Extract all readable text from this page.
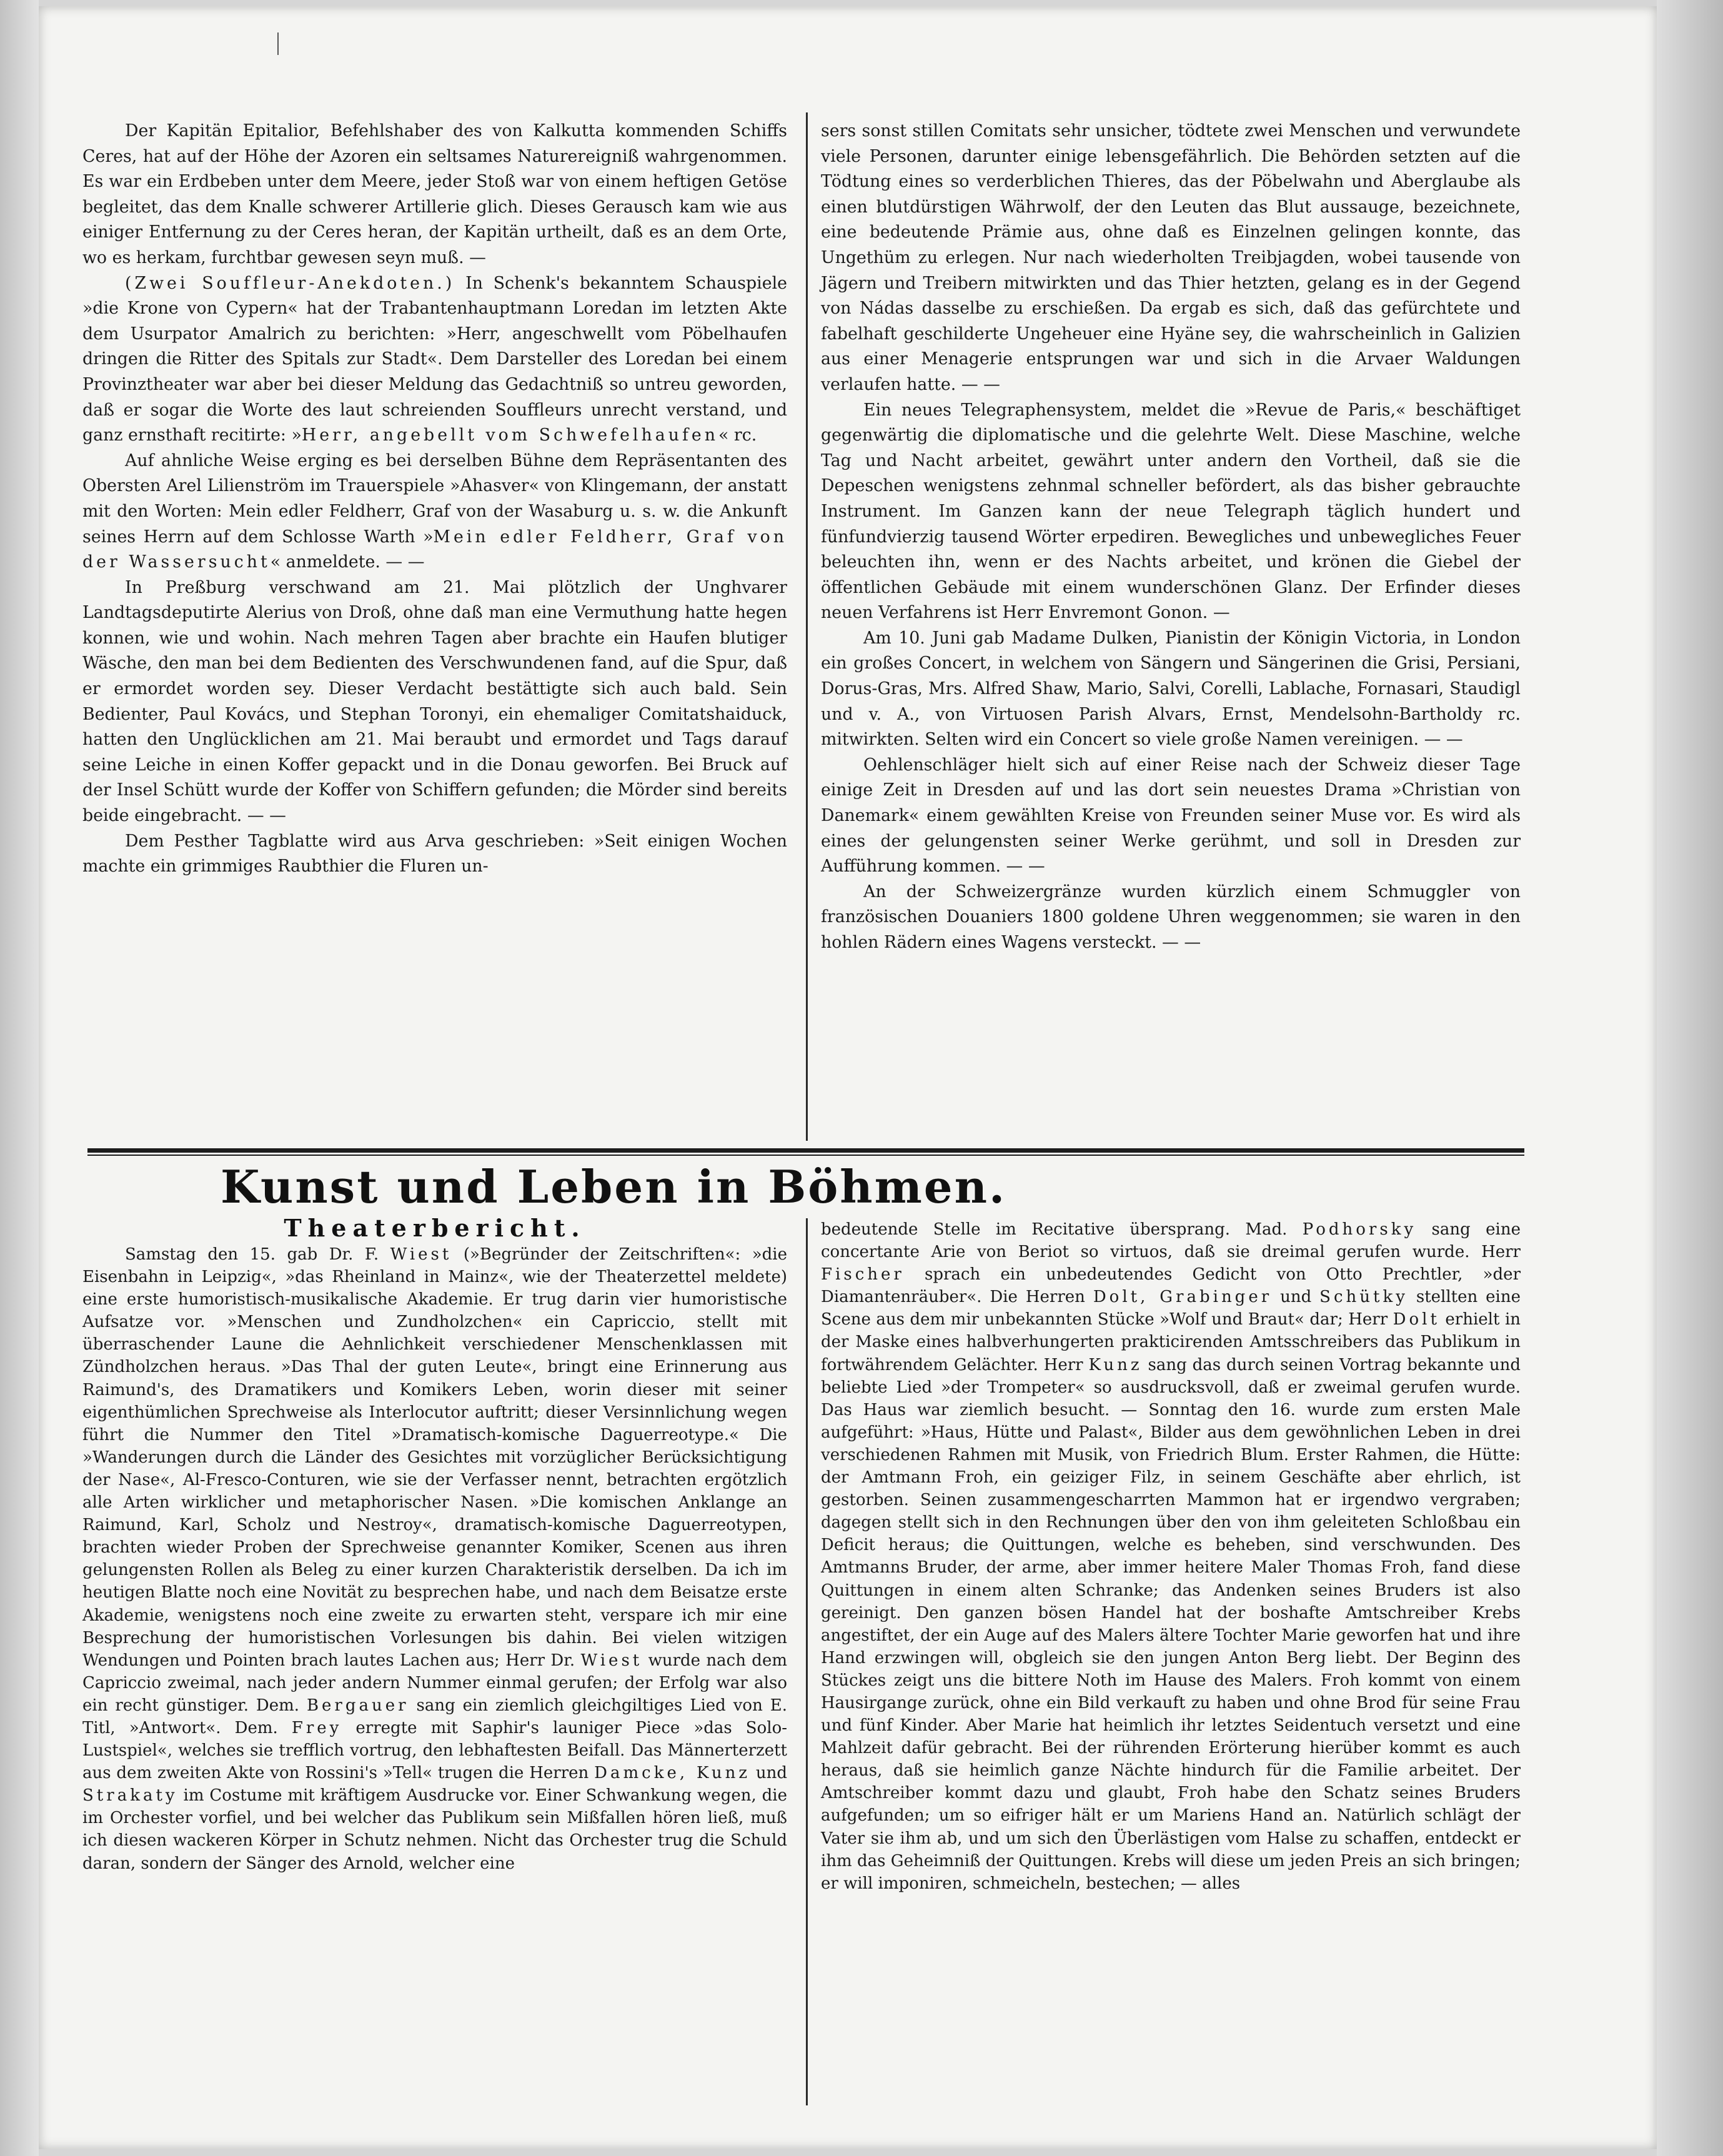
Der Kapitän Epitalior, Befehlshaber des von Kalkutta kommenden Schiffs Ceres, hat auf der Höhe der Azoren ein seltsames Naturereigniß wahrgenommen. Es war ein Erdbeben unter dem Meere, jeder Stoß war von einem heftigen Getöse begleitet, das dem Knalle schwerer Artillerie glich. Dieses Gerausch kam wie aus einiger Entfernung zu der Ceres heran, der Kapitän urtheilt, daß es an dem Orte, wo es herkam, furchtbar gewesen seyn muß. —

(Zwei Souffleur-Anekdoten.) In Schenk's bekanntem Schauspiele »die Krone von Cypern« hat der Trabantenhauptmann Loredan im letzten Akte dem Usurpator Amalrich zu berichten: »Herr, angeschwellt vom Pöbelhaufen dringen die Ritter des Spitals zur Stadt«. Dem Darsteller des Loredan bei einem Provinztheater war aber bei dieser Meldung das Gedachtniß so untreu geworden, daß er sogar die Worte des laut schreienden Souffleurs unrecht verstand, und ganz ernsthaft recitirte: »Herr, angebellt vom Schwefelhaufen« rc.

Auf ahnliche Weise erging es bei derselben Bühne dem Repräsentanten des Obersten Arel Lilienström im Trauerspiele »Ahasver« von Klingemann, der anstatt mit den Worten: Mein edler Feldherr, Graf von der Wasaburg u. s. w. die Ankunft seines Herrn auf dem Schlosse Warth »Mein edler Feldherr, Graf von der Wassersucht« anmeldete. — —

In Preßburg verschwand am 21. Mai plötzlich der Unghvarer Landtagsdeputirte Alerius von Droß, ohne daß man eine Vermuthung hatte hegen konnen, wie und wohin. Nach mehren Tagen aber brachte ein Haufen blutiger Wäsche, den man bei dem Bedienten des Verschwundenen fand, auf die Spur, daß er ermordet worden sey. Dieser Verdacht bestättigte sich auch bald. Sein Bedienter, Paul Kovács, und Stephan Toronyi, ein ehemaliger Comitatshaiduck, hatten den Unglücklichen am 21. Mai beraubt und ermordet und Tags darauf seine Leiche in einen Koffer gepackt und in die Donau geworfen. Bei Bruck auf der Insel Schütt wurde der Koffer von Schiffern gefunden; die Mörder sind bereits beide eingebracht. — —

Dem Pesther Tagblatte wird aus Arva geschrieben: »Seit einigen Wochen machte ein grimmiges Raubthier die Fluren un-

sers sonst stillen Comitats sehr unsicher, tödtete zwei Menschen und verwundete viele Personen, darunter einige lebensgefährlich. Die Behörden setzten auf die Tödtung eines so verderblichen Thieres, das der Pöbelwahn und Aberglaube als einen blutdürstigen Währwolf, der den Leuten das Blut aussauge, bezeichnete, eine bedeutende Prämie aus, ohne daß es Einzelnen gelingen konnte, das Ungethüm zu erlegen. Nur nach wiederholten Treibjagden, wobei tausende von Jägern und Treibern mitwirkten und das Thier hetzten, gelang es in der Gegend von Nádas dasselbe zu erschießen. Da ergab es sich, daß das gefürchtete und fabelhaft geschilderte Ungeheuer eine Hyäne sey, die wahrscheinlich in Galizien aus einer Menagerie entsprungen war und sich in die Arvaer Waldungen verlaufen hatte. — —

Ein neues Telegraphensystem, meldet die »Revue de Paris,« beschäftiget gegenwärtig die diplomatische und die gelehrte Welt. Diese Maschine, welche Tag und Nacht arbeitet, gewährt unter andern den Vortheil, daß sie die Depeschen wenigstens zehnmal schneller befördert, als das bisher gebrauchte Instrument. Im Ganzen kann der neue Telegraph täglich hundert und fünfundvierzig tausend Wörter erpediren. Bewegliches und unbewegliches Feuer beleuchten ihn, wenn er des Nachts arbeitet, und krönen die Giebel der öffentlichen Gebäude mit einem wunderschönen Glanz. Der Erfinder dieses neuen Verfahrens ist Herr Envremont Gonon. —

Am 10. Juni gab Madame Dulken, Pianistin der Königin Victoria, in London ein großes Concert, in welchem von Sängern und Sängerinen die Grisi, Persiani, Dorus-Gras, Mrs. Alfred Shaw, Mario, Salvi, Corelli, Lablache, Fornasari, Staudigl und v. A., von Virtuosen Parish Alvars, Ernst, Mendelsohn-Bartholdy rc. mitwirkten. Selten wird ein Concert so viele große Namen vereinigen. — —

Oehlenschläger hielt sich auf einer Reise nach der Schweiz dieser Tage einige Zeit in Dresden auf und las dort sein neuestes Drama »Christian von Danemark« einem gewählten Kreise von Freunden seiner Muse vor. Es wird als eines der gelungensten seiner Werke gerühmt, und soll in Dresden zur Aufführung kommen. — —

An der Schweizergränze wurden kürzlich einem Schmuggler von französischen Douaniers 1800 goldene Uhren weggenommen; sie waren in den hohlen Rädern eines Wagens versteckt. — —

Kunst und Leben in Böhmen.
Theaterbericht.

Samstag den 15. gab Dr. F. Wiest (»Begründer der Zeitschriften«: »die Eisenbahn in Leipzig«, »das Rheinland in Mainz«, wie der Theaterzettel meldete) eine erste humoristisch-musikalische Akademie. Er trug darin vier humoristische Aufsatze vor. »Menschen und Zundholzchen« ein Capriccio, stellt mit überraschender Laune die Aehnlichkeit verschiedener Menschenklassen mit Zündholzchen heraus. »Das Thal der guten Leute«, bringt eine Erinnerung aus Raimund's, des Dramatikers und Komikers Leben, worin dieser mit seiner eigenthümlichen Sprechweise als Interlocutor auftritt; dieser Versinnlichung wegen führt die Nummer den Titel »Dramatisch-komische Daguerreotype.« Die »Wanderungen durch die Länder des Gesichtes mit vorzüglicher Berücksichtigung der Nase«, Al-Fresco-Conturen, wie sie der Verfasser nennt, betrachten ergötzlich alle Arten wirklicher und metaphorischer Nasen. »Die komischen Anklange an Raimund, Karl, Scholz und Nestroy«, dramatisch-komische Daguerreotypen, brachten wieder Proben der Sprechweise genannter Komiker, Scenen aus ihren gelungensten Rollen als Beleg zu einer kurzen Charakteristik derselben. Da ich im heutigen Blatte noch eine Novität zu besprechen habe, und nach dem Beisatze erste Akademie, wenigstens noch eine zweite zu erwarten steht, verspare ich mir eine Besprechung der humoristischen Vorlesungen bis dahin. Bei vielen witzigen Wendungen und Pointen brach lautes Lachen aus; Herr Dr. Wiest wurde nach dem Capriccio zweimal, nach jeder andern Nummer einmal gerufen; der Erfolg war also ein recht günstiger. Dem. Bergauer sang ein ziemlich gleichgiltiges Lied von E. Titl, »Antwort«. Dem. Frey erregte mit Saphir's launiger Piece »das Solo-Lustspiel«, welches sie trefflich vortrug, den lebhaftesten Beifall. Das Männerterzett aus dem zweiten Akte von Rossini's »Tell« trugen die Herren Damcke, Kunz und Strakaty im Costume mit kräftigem Ausdrucke vor. Einer Schwankung wegen, die im Orchester vorfiel, und bei welcher das Publikum sein Mißfallen hören ließ, muß ich diesen wackeren Körper in Schutz nehmen. Nicht das Orchester trug die Schuld daran, sondern der Sänger des Arnold, welcher eine

bedeutende Stelle im Recitative übersprang. Mad. Podhorsky sang eine concertante Arie von Beriot so virtuos, daß sie dreimal gerufen wurde. Herr Fischer sprach ein unbedeutendes Gedicht von Otto Prechtler, »der Diamantenräuber«. Die Herren Dolt, Grabinger und Schütky stellten eine Scene aus dem mir unbekannten Stücke »Wolf und Braut« dar; Herr Dolt erhielt in der Maske eines halbverhungerten prakticirenden Amtsschreibers das Publikum in fortwährendem Gelächter. Herr Kunz sang das durch seinen Vortrag bekannte und beliebte Lied »der Trompeter« so ausdrucksvoll, daß er zweimal gerufen wurde. Das Haus war ziemlich besucht. — Sonntag den 16. wurde zum ersten Male aufgeführt: »Haus, Hütte und Palast«, Bilder aus dem gewöhnlichen Leben in drei verschiedenen Rahmen mit Musik, von Friedrich Blum. Erster Rahmen, die Hütte: der Amtmann Froh, ein geiziger Filz, in seinem Geschäfte aber ehrlich, ist gestorben. Seinen zusammengescharrten Mammon hat er irgendwo vergraben; dagegen stellt sich in den Rechnungen über den von ihm geleiteten Schloßbau ein Deficit heraus; die Quittungen, welche es beheben, sind verschwunden. Des Amtmanns Bruder, der arme, aber immer heitere Maler Thomas Froh, fand diese Quittungen in einem alten Schranke; das Andenken seines Bruders ist also gereinigt. Den ganzen bösen Handel hat der boshafte Amtschreiber Krebs angestiftet, der ein Auge auf des Malers ältere Tochter Marie geworfen hat und ihre Hand erzwingen will, obgleich sie den jungen Anton Berg liebt. Der Beginn des Stückes zeigt uns die bittere Noth im Hause des Malers. Froh kommt von einem Hausirgange zurück, ohne ein Bild verkauft zu haben und ohne Brod für seine Frau und fünf Kinder. Aber Marie hat heimlich ihr letztes Seidentuch versetzt und eine Mahlzeit dafür gebracht. Bei der rührenden Erörterung hierüber kommt es auch heraus, daß sie heimlich ganze Nächte hindurch für die Familie arbeitet. Der Amtschreiber kommt dazu und glaubt, Froh habe den Schatz seines Bruders aufgefunden; um so eifriger hält er um Mariens Hand an. Natürlich schlägt der Vater sie ihm ab, und um sich den Überlästigen vom Halse zu schaffen, entdeckt er ihm das Geheimniß der Quittungen. Krebs will diese um jeden Preis an sich bringen; er will imponiren, schmeicheln, bestechen; — alles
